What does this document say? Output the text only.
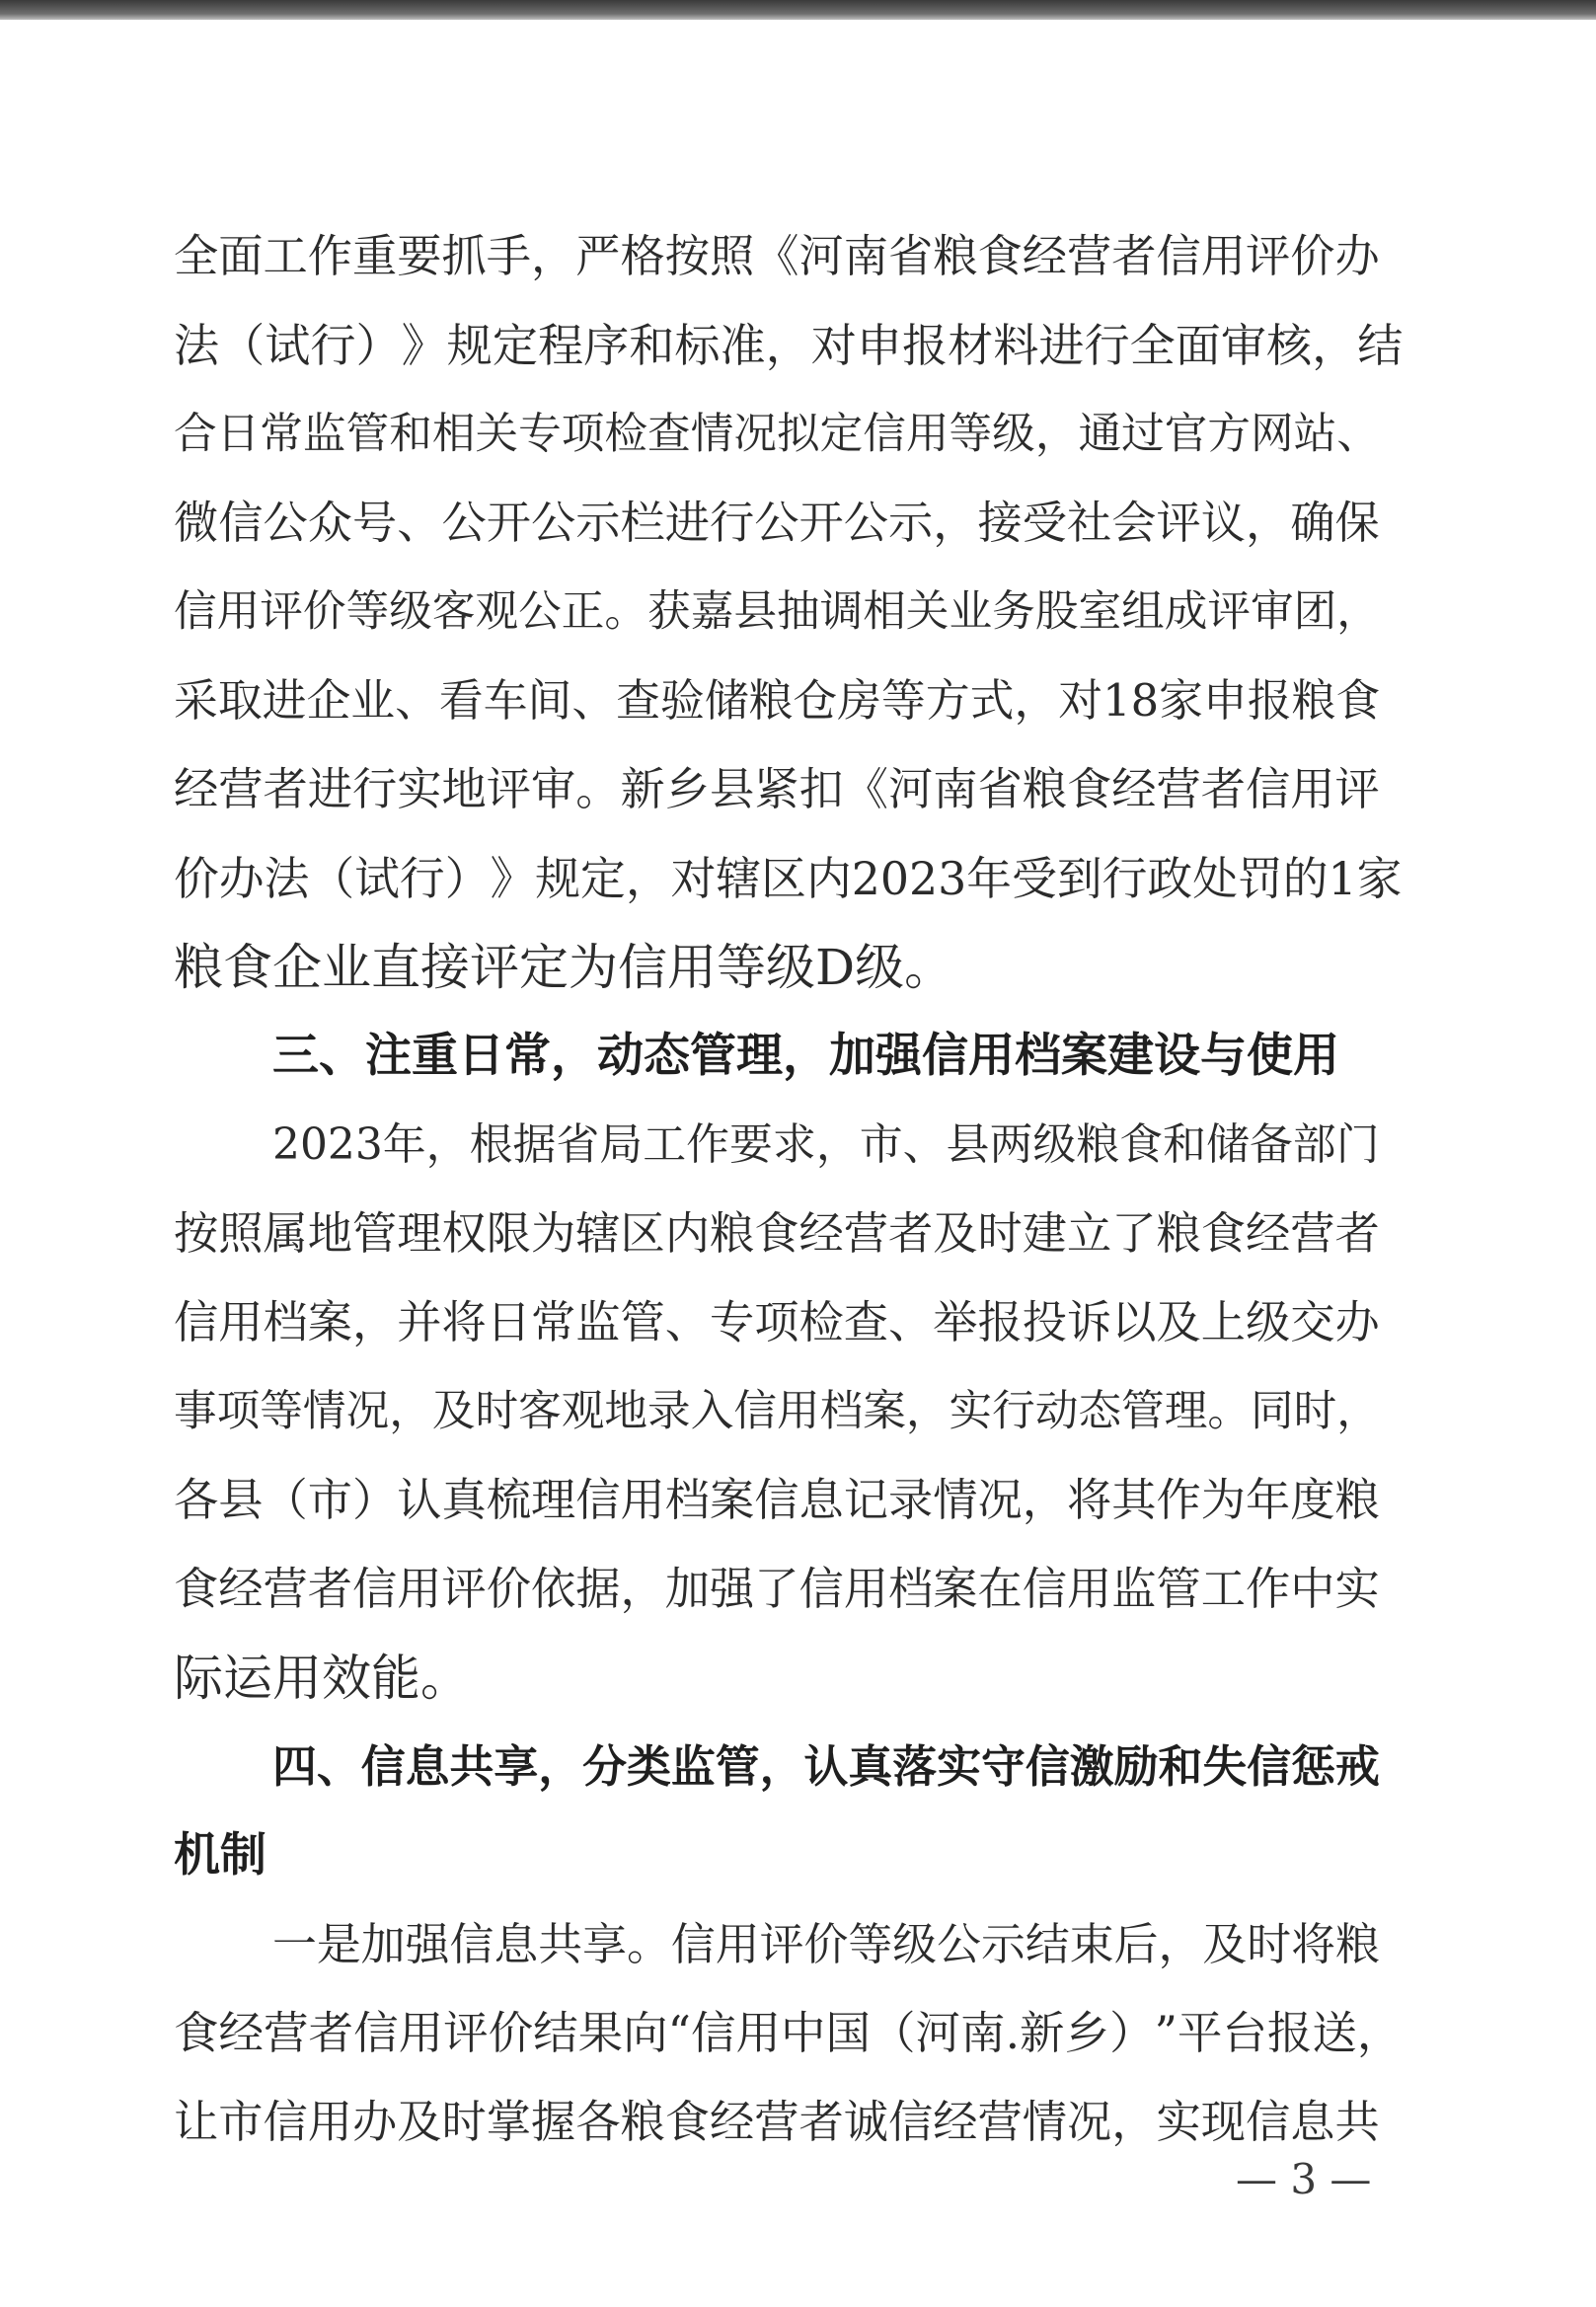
全 面 工 作 重 要 抓 手 ， 严 格 按 照 《 河 南 省 粮 食 经 营 者 信 用 评 价 办
法 （ 试 行 ） 》 规 定 程 序 和 标 准 ， 对 申 报 材 料 进 行 全 面 审 核 ， 结
合 日 常 监 管 和 相 关 专 项 检 查 情 况 拟 定 信 用 等 级 ， 通 过 官 方 网 站 、
微 信 公 众 号 、 公 开 公 示 栏 进 行 公 开 公 示 ， 接 受 社 会 评 议 ， 确 保
信 用 评 价 等 级 客 观 公 正 。 获 嘉 县 抽 调 相 关 业 务 股 室 组 成 评 审 团 ，
采 取 进 企 业 、 看 车 间 、 查 验 储 粮 仓 房 等 方 式 ， 对 1 8 家 申 报 粮 食
经 营 者 进 行 实 地 评 审 。 新 乡 县 紧 扣 《 河 南 省 粮 食 经 营 者 信 用 评
价 办 法 （ 试 行 ） 》 规 定 ， 对 辖 区 内 2 0 2 3 年 受 到 行 政 处 罚 的 1 家
粮食企业直接评定为信用等级D级。
三 、 注 重 日 常 ， 动 态 管 理 ， 加 强 信 用 档 案 建 设 与 使 用
2 0 2 3 年 ， 根 据 省 局 工 作 要 求 ， 市 、 县 两 级 粮 食 和 储 备 部 门
按 照 属 地 管 理 权 限 为 辖 区 内 粮 食 经 营 者 及 时 建 立 了 粮 食 经 营 者
信 用 档 案 ， 并 将 日 常 监 管 、 专 项 检 查 、 举 报 投 诉 以 及 上 级 交 办
事 项 等 情 况 ， 及 时 客 观 地 录 入 信 用 档 案 ， 实 行 动 态 管 理 。 同 时 ，
各 县 （ 市 ） 认 真 梳 理 信 用 档 案 信 息 记 录 情 况 ， 将 其 作 为 年 度 粮
食 经 营 者 信 用 评 价 依 据 ， 加 强 了 信 用 档 案 在 信 用 监 管 工 作 中 实
际运用效能。
四 、 信 息 共 享 ， 分 类 监 管 ， 认 真 落 实 守 信 激 励 和 失 信 惩 戒
机制
一 是 加 强 信 息 共 享 。 信 用 评 价 等 级 公 示 结 束 后 ， 及 时 将 粮
食 经 营 者 信 用 评 价 结 果 向 “ 信 用 中 国 （ 河 南 . 新 乡 ） ” 平 台 报 送 ，
让 市 信 用 办 及 时 掌 握 各 粮 食 经 营 者 诚 信 经 营 情 况 ， 实 现 信 息 共
— 3 —
